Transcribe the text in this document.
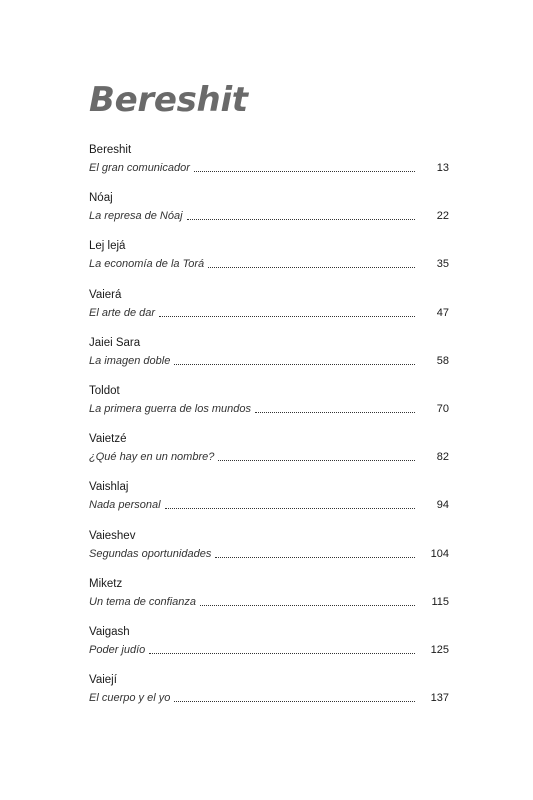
Bereshit
Bereshit
El gran comunicador	13
Nóaj
La represa de Nóaj	22
Lej lejá
La economía de la Torá	35
Vaierá
El arte de dar	47
Jaiei Sara
La imagen doble	58
Toldot
La primera guerra de los mundos	70
Vaietzé
¿Qué hay en un nombre?	82
Vaishlaj
Nada personal	94
Vaieshev
Segundas oportunidades	104
Miketz
Un tema de confianza	115
Vaigash
Poder judío	125
Vaiejí
El cuerpo y el yo	137
